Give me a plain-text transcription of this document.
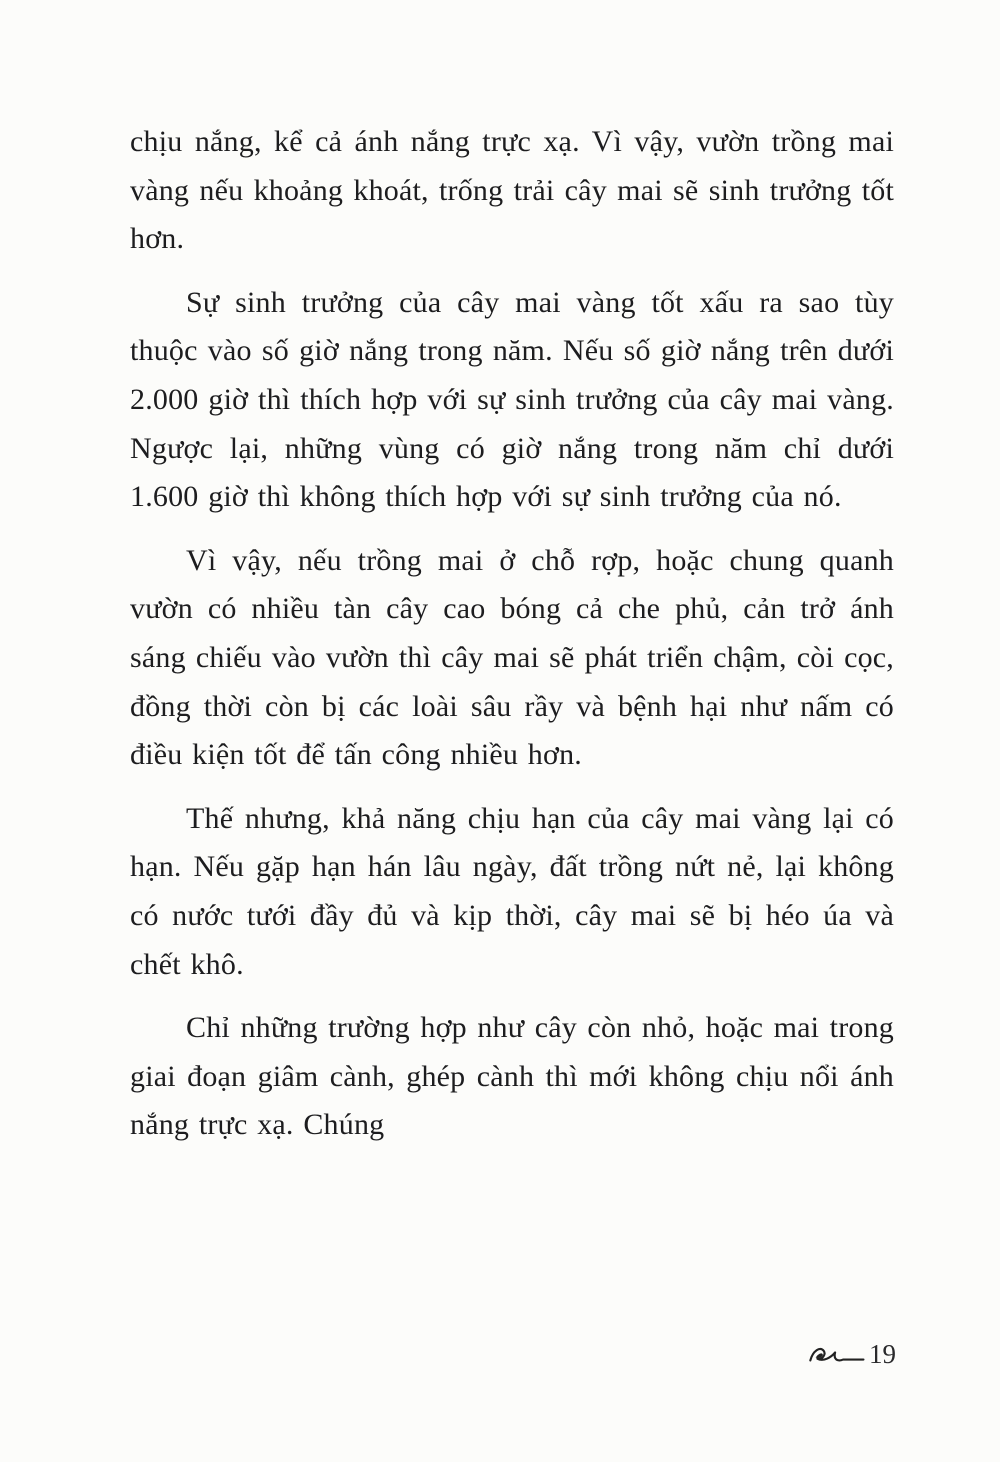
chịu nắng, kể cả ánh nắng trực xạ. Vì vậy, vườn trồng mai vàng nếu khoảng khoát, trống trải cây mai sẽ sinh trưởng tốt hơn.

Sự sinh trưởng của cây mai vàng tốt xấu ra sao tùy thuộc vào số giờ nắng trong năm. Nếu số giờ nắng trên dưới 2.000 giờ thì thích hợp với sự sinh trưởng của cây mai vàng. Ngược lại, những vùng có giờ nắng trong năm chỉ dưới 1.600 giờ thì không thích hợp với sự sinh trưởng của nó.

Vì vậy, nếu trồng mai ở chỗ rợp, hoặc chung quanh vườn có nhiều tàn cây cao bóng cả che phủ, cản trở ánh sáng chiếu vào vườn thì cây mai sẽ phát triển chậm, còi cọc, đồng thời còn bị các loài sâu rầy và bệnh hại như nấm có điều kiện tốt để tấn công nhiều hơn.

Thế nhưng, khả năng chịu hạn của cây mai vàng lại có hạn. Nếu gặp hạn hán lâu ngày, đất trồng nứt nẻ, lại không có nước tưới đầy đủ và kịp thời, cây mai sẽ bị héo úa và chết khô.

Chỉ những trường hợp như cây còn nhỏ, hoặc mai trong giai đoạn giâm cành, ghép cành thì mới không chịu nổi ánh nắng trực xạ. Chúng

19
